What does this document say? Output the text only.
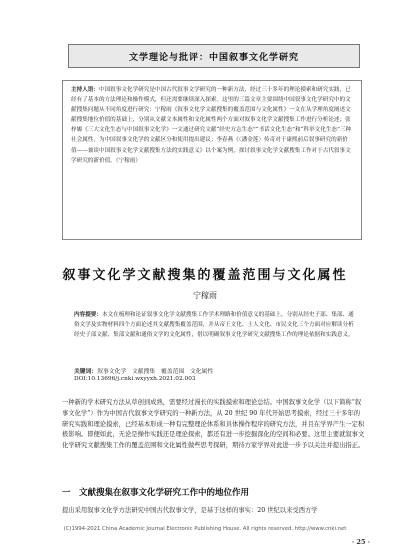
文学理论与批评：中国叙事文化学研究

主持人语：中国叙事文化学研究是中国古代叙事文学研究的一种新方法，经过三十多年的理论摸索和研究实践，已经有了基本的方法理论和操作模式，但还需要继续深入探索。这里的三篇文章主要围绕中国叙事文化学研究中的文献搜集问题从不同角度进行研究：宁稼雨《叙事文化学文献搜集的覆盖范围与文化属性》一文在从学理角度阐述文献搜集地位价值的基础上，分别从文献文本属性和文化属性两个方面对叙事文化学文献搜集工作进行分析论述；张梓嫄《三大文化生态与中国叙事文化学》一文通过研究文献“经史方志生态”“书话文化生态”和“科举文化生态”三种社会属性，为中国叙事文化学的文献区分和使用提出建议；李春燕《〈潘金莲〉传奇对于康熙前后叙事研究的新价值——兼谈中国叙事文化学文献搜集方法的实践意义》以个案为例，探讨叙事文化学文献搜集工作对于古代叙事文学研究的新价值。（宁稼雨）

叙事文化学文献搜集的覆盖范围与文化属性
宁稼雨

内容提要：本文在梳理和论证叙事文化学文献搜集工作学术理路和价值意义的基础上，分别从经史子部、集部、通俗文学及实物材料四个方面论述其文献搜集覆盖范围，并从帝王文化、士人文化、市民文化三个方面对应解读分析经史子部文献、集部文献和通俗文学的文化属性，借以明确叙事文化学研究文献搜集工作的理论依据和实践意义。

关键词：叙事文化学　文献搜集　覆盖范围　文化属性
DOI:10.13696/j.cnki.wxyyxh.2021.02.003

一种新的学术研究方法从草创到成熟，需要经过漫长的实践摸索和理论总结。中国叙事文化学（以下简称“叙事文化学”）作为中国古代叙事文学研究的一种新方法，从 20 世纪 90 年代开始思考摸索，经过三十多年的研究实践和理论摸索，已经基本形成一种有完整理论体系和具体操作程序的研究方法，并且在学界产生一定积极影响。即便如此，无论是操作实践还是理论探索，都还有进一步挖掘深化的空间和必要。这里主要就叙事文化学研究文献搜集工作的覆盖范围和文化属性做些思考探研，期待方家学界对此进一步予以关注并提出指正。

一　文献搜集在叙事文化学研究工作中的地位作用

提出采用叙事文化学方法研究中国古代叙事文学，是基于这样的事实：20 世纪以来受西方学

(C)1994-2021 China Academic Journal Electronic Publishing House. All rights reserved. http://www.cnki.net
· 25 ·
